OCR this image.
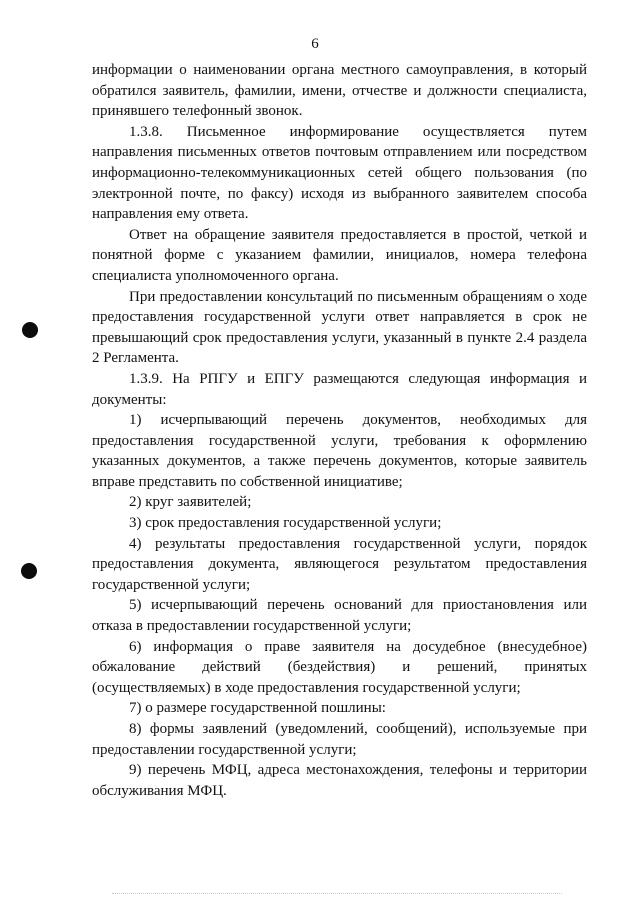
6

информации о наименовании органа местного самоуправления, в который обратился заявитель, фамилии, имени, отчестве и должности специалиста, принявшего телефонный звонок.

1.3.8. Письменное информирование осуществляется путем направления письменных ответов почтовым отправлением или посредством информационно-телекоммуникационных сетей общего пользования (по электронной почте, по факсу) исходя из выбранного заявителем способа направления ему ответа.

Ответ на обращение заявителя предоставляется в простой, четкой и понятной форме с указанием фамилии, инициалов, номера телефона специалиста уполномоченного органа.

При предоставлении консультаций по письменным обращениям о ходе предоставления государственной услуги ответ направляется в срок не превышающий срок предоставления услуги, указанный в пункте 2.4 раздела 2 Регламента.

1.3.9. На РПГУ и ЕПГУ размещаются следующая информация и документы:

1) исчерпывающий перечень документов, необходимых для предоставления государственной услуги, требования к оформлению указанных документов, а также перечень документов, которые заявитель вправе представить по собственной инициативе;

2) круг заявителей;

3) срок предоставления государственной услуги;

4) результаты предоставления государственной услуги, порядок предоставления документа, являющегося результатом предоставления государственной услуги;

5) исчерпывающий перечень оснований для приостановления или отказа в предоставлении государственной услуги;

6) информация о праве заявителя на досудебное (внесудебное) обжалование действий (бездействия) и решений, принятых (осуществляемых) в ходе предоставления государственной услуги;

7) о размере государственной пошлины:

8) формы заявлений (уведомлений, сообщений), используемые при предоставлении государственной услуги;

9) перечень МФЦ, адреса местонахождения, телефоны и территории обслуживания МФЦ.
